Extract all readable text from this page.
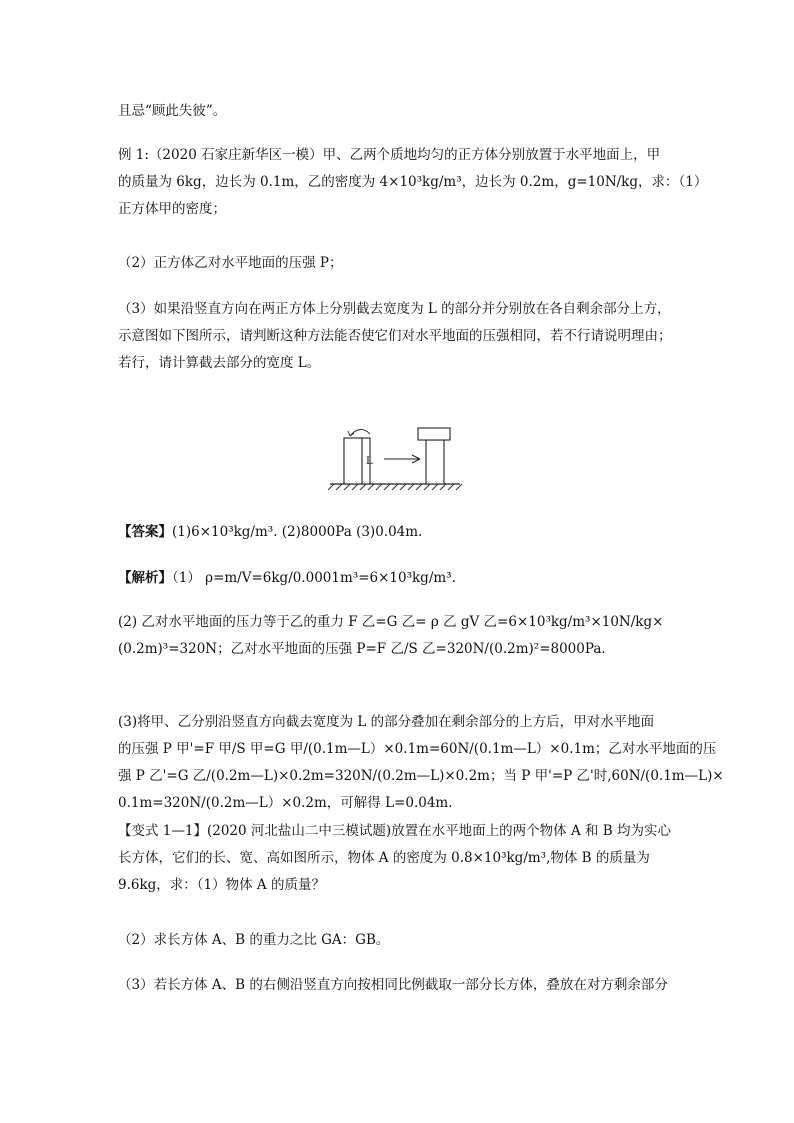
且忌“顾此失彼”。
例 1:（2020 石家庄新华区一模）甲、乙两个质地均匀的正方体分别放置于水平地面上，甲
的质量为 6kg，边长为 0.1m，乙的密度为 4×10³kg/m³，边长为 0.2m，g=10N/kg，求：（1）
正方体甲的密度；
（2）正方体乙对水平地面的压强 P；
（3）如果沿竖直方向在两正方体上分别截去宽度为 L 的部分并分别放在各自剩余部分上方，
示意图如下图所示，请判断这种方法能否使它们对水平地面的压强相同，若不行请说明理由；
若行，请计算截去部分的宽度 L。
L
【答案】(1)6×10³kg/m³. (2)8000Pa (3)0.04m.
【解析】（1） ρ=m/V=6kg/0.0001m³=6×10³kg/m³.
(2) 乙对水平地面的压力等于乙的重力 F 乙=G 乙= ρ 乙 gV 乙=6×10³kg/m³×10N/kg×
(0.2m)³=320N；乙对水平地面的压强 P=F 乙/S 乙=320N/(0.2m)²=8000Pa.
(3)将甲、乙分别沿竖直方向截去宽度为 L 的部分叠加在剩余部分的上方后，甲对水平地面
的压强 P 甲'=F 甲/S 甲=G 甲/(0.1m—L）×0.1m=60N/(0.1m—L）×0.1m；乙对水平地面的压
强 P 乙'=G 乙/(0.2m—L)×0.2m=320N/(0.2m—L)×0.2m；当 P 甲'=P 乙'时,60N/(0.1m—L)×
0.1m=320N/(0.2m—L）×0.2m，可解得 L=0.04m.
【变式 1—1】(2020 河北盐山二中三模试题)放置在水平地面上的两个物体 A 和 B 均为实心
长方体，它们的长、宽、高如图所示，物体 A 的密度为 0.8×10³kg/m³,物体 B 的质量为
9.6kg，求：（1）物体 A 的质量？
（2）求长方体 A、B 的重力之比 GA：GB。
（3）若长方体 A、B 的右侧沿竖直方向按相同比例截取一部分长方体，叠放在对方剩余部分
